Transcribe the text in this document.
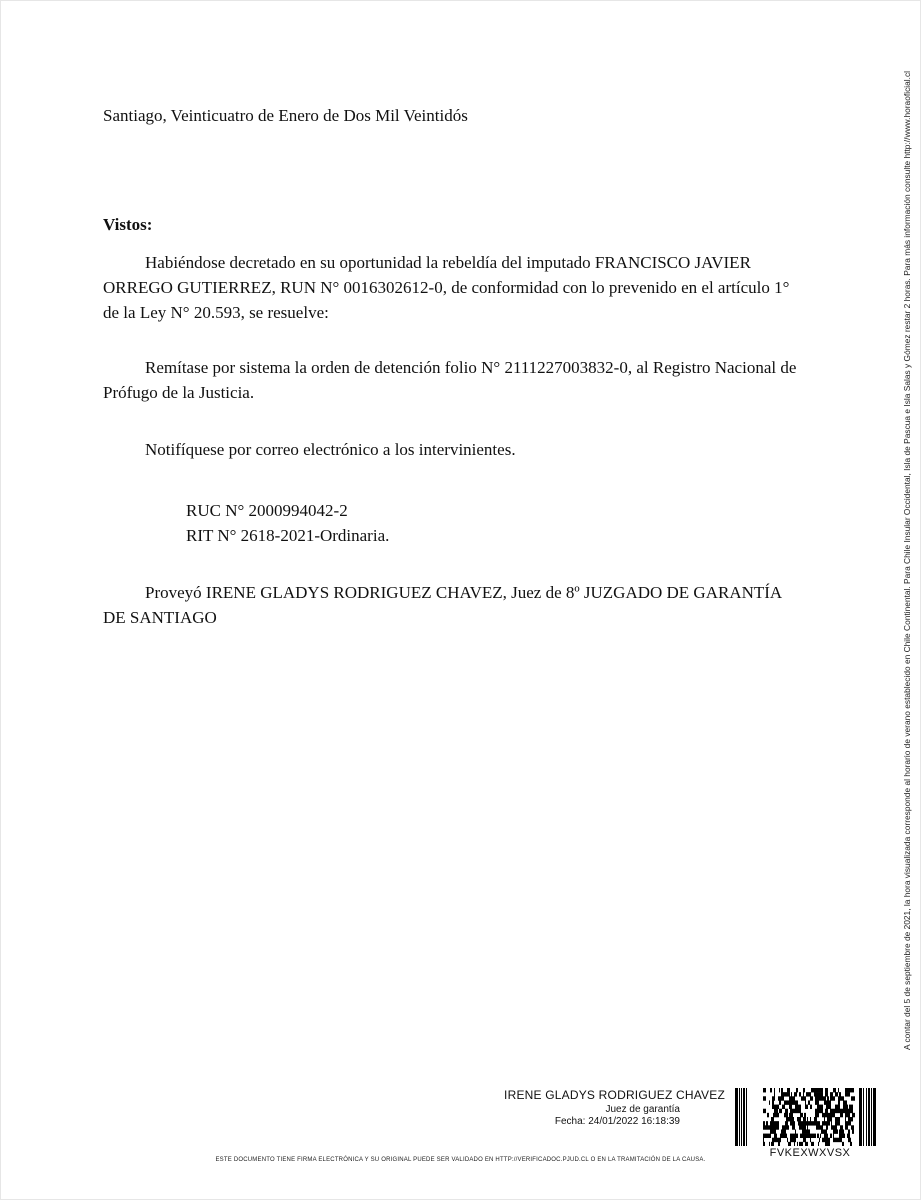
Santiago, Veinticuatro de Enero de Dos Mil Veintidós

Vistos:

Habiéndose decretado en su oportunidad la rebeldía del imputado FRANCISCO JAVIER ORREGO GUTIERREZ, RUN N° 0016302612-0, de conformidad con lo prevenido en el artículo 1° de la Ley N° 20.593, se resuelve:

Remítase por sistema la orden de detención folio N° 2111227003832-0, al Registro Nacional de Prófugo de la Justicia.

Notifíquese por correo electrónico a los intervinientes.

RUC N° 2000994042-2
RIT N° 2618-2021-Ordinaria.

Proveyó IRENE GLADYS RODRIGUEZ CHAVEZ, Juez de 8º JUZGADO DE GARANTÍA DE SANTIAGO	A contar del 5 de septiembre de 2021, la hora visualizada corresponde al horario de verano establecido en Chile Continental. Para Chile Insular Occidental, Isla de Pascua e Isla Salas y Gómez restar 2 horas. Para más información consulte http://www.horaoficial.cl
IRENE GLADYS RODRIGUEZ CHAVEZ
Juez de garantía
Fecha: 24/01/2022 16:18:39
FVKEXWXVSX
ESTE DOCUMENTO TIENE FIRMA ELECTRÓNICA Y SU ORIGINAL PUEDE SER VALIDADO EN HTTP://VERIFICADOC.PJUD.CL O EN LA TRAMITACIÓN DE LA CAUSA.
